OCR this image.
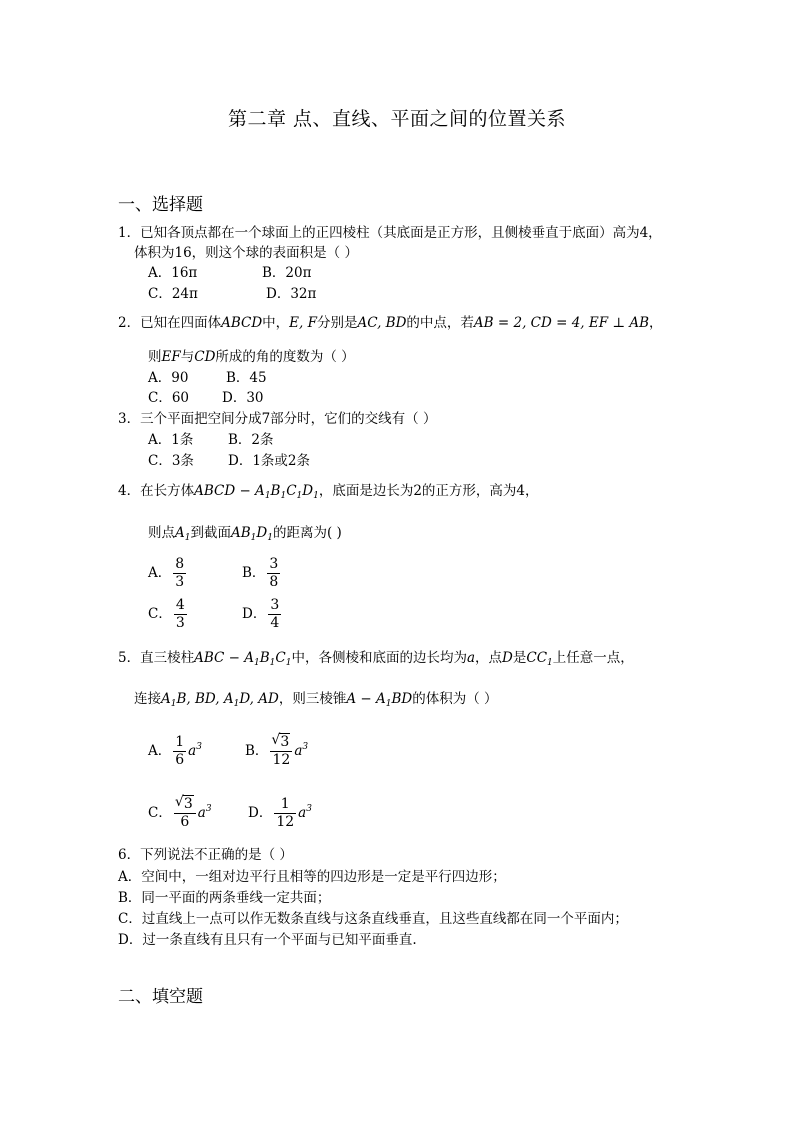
第二章 点、直线、平面之间的位置关系
一、选择题
1．已知各顶点都在一个球面上的正四棱柱（其底面是正方形，且侧棱垂直于底面）高为4，
体积为16，则这个球的表面积是（ ）
A．16π	B．20π
C．24π	D．32π
2．已知在四面体ABCD中，E, F分别是AC, BD的中点，若AB = 2, CD = 4, EF ⊥ AB，
则EF与CD所成的角的度数为（ ）
A．90	B．45
C．60 D．30
3．三个平面把空间分成7部分时，它们的交线有（ ）
A．1条	B．2条
C．3条	D．1条或2条
4．在长方体ABCD − $A_1B_1C_1D_1$，底面是边长为2的正方形，高为4，
则点$A_1$到截面$AB_1D_1$的距离为( )
A． $\frac{8}{3}$	B． $\frac{3}{8}$
C． $\frac{4}{3}$	D． $\frac{3}{4}$
5．直三棱柱ABC − $A_1B_1C_1$中，各侧棱和底面的边长均为a，点D是$CC_1$上任意一点，
连接$A_1B$, BD, $A_1D$, AD，则三棱锥$A - A_1BD$的体积为（ ）
A． $\frac{1}{6} a^3$	B． $\frac{√ 3}{12} a^3$
C． $\frac{√ 3}{6} a^3$	D． $\frac{1}{12} a^3$
6．下列说法不正确的是（ ）
A．空间中，一组对边平行且相等的四边形是一定是平行四边形；
B．同一平面的两条垂线一定共面；
C．过直线上一点可以作无数条直线与这条直线垂直，且这些直线都在同一个平面内；
D．过一条直线有且只有一个平面与已知平面垂直.
二、填空题
